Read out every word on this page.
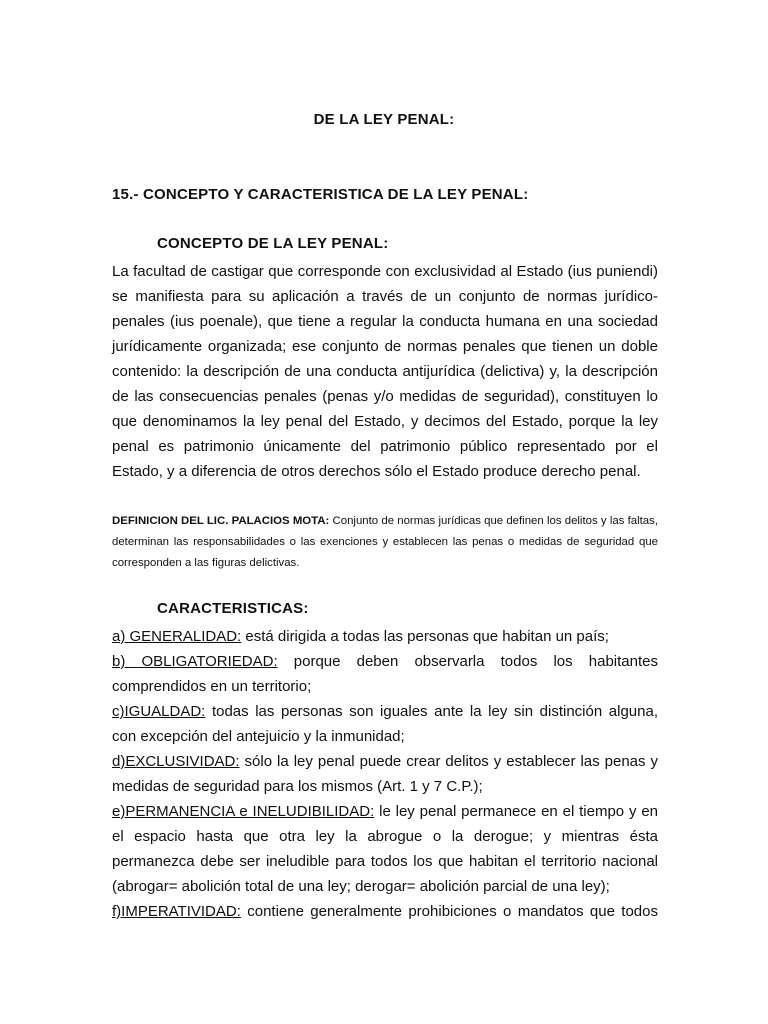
DE LA LEY PENAL:
15.- CONCEPTO Y CARACTERISTICA DE LA LEY PENAL:
CONCEPTO DE LA LEY PENAL:

La facultad de castigar que corresponde con exclusividad al Estado (ius puniendi) se manifiesta para su aplicación a través de un conjunto de normas jurídico-penales (ius poenale), que tiene a regular la conducta humana en una sociedad jurídicamente organizada; ese conjunto de normas penales que tienen un doble contenido: la descripción de una conducta antijurídica (delictiva) y, la descripción de las consecuencias penales (penas y/o medidas de seguridad), constituyen lo que denominamos la ley penal del Estado, y decimos del Estado, porque la ley penal es patrimonio únicamente del patrimonio público representado por el Estado, y a diferencia de otros derechos sólo el Estado produce derecho penal.

DEFINICION DEL LIC. PALACIOS MOTA: Conjunto de normas jurídicas que definen los delitos y las faltas, determinan las responsabilidades o las exenciones y establecen las penas o medidas de seguridad que corresponden a las figuras delictivas.

CARACTERISTICAS:

a) GENERALIDAD: está dirigida a todas las personas que habitan un país;

b) OBLIGATORIEDAD: porque deben observarla todos los habitantes comprendidos en un territorio;

c)IGUALDAD: todas las personas son iguales ante la ley sin distinción alguna, con excepción del antejuicio y la inmunidad;

d)EXCLUSIVIDAD: sólo la ley penal puede crear delitos y establecer las penas y medidas de seguridad para los mismos (Art. 1 y 7 C.P.);

e)PERMANENCIA e INELUDIBILIDAD: le ley penal permanece en el tiempo y en el espacio hasta que otra ley la abrogue o la derogue; y mientras ésta permanezca debe ser ineludible para todos los que habitan el territorio nacional (abrogar= abolición total de una ley; derogar= abolición parcial de una ley);

f)IMPERATIVIDAD: contiene generalmente prohibiciones o mandatos que todos
